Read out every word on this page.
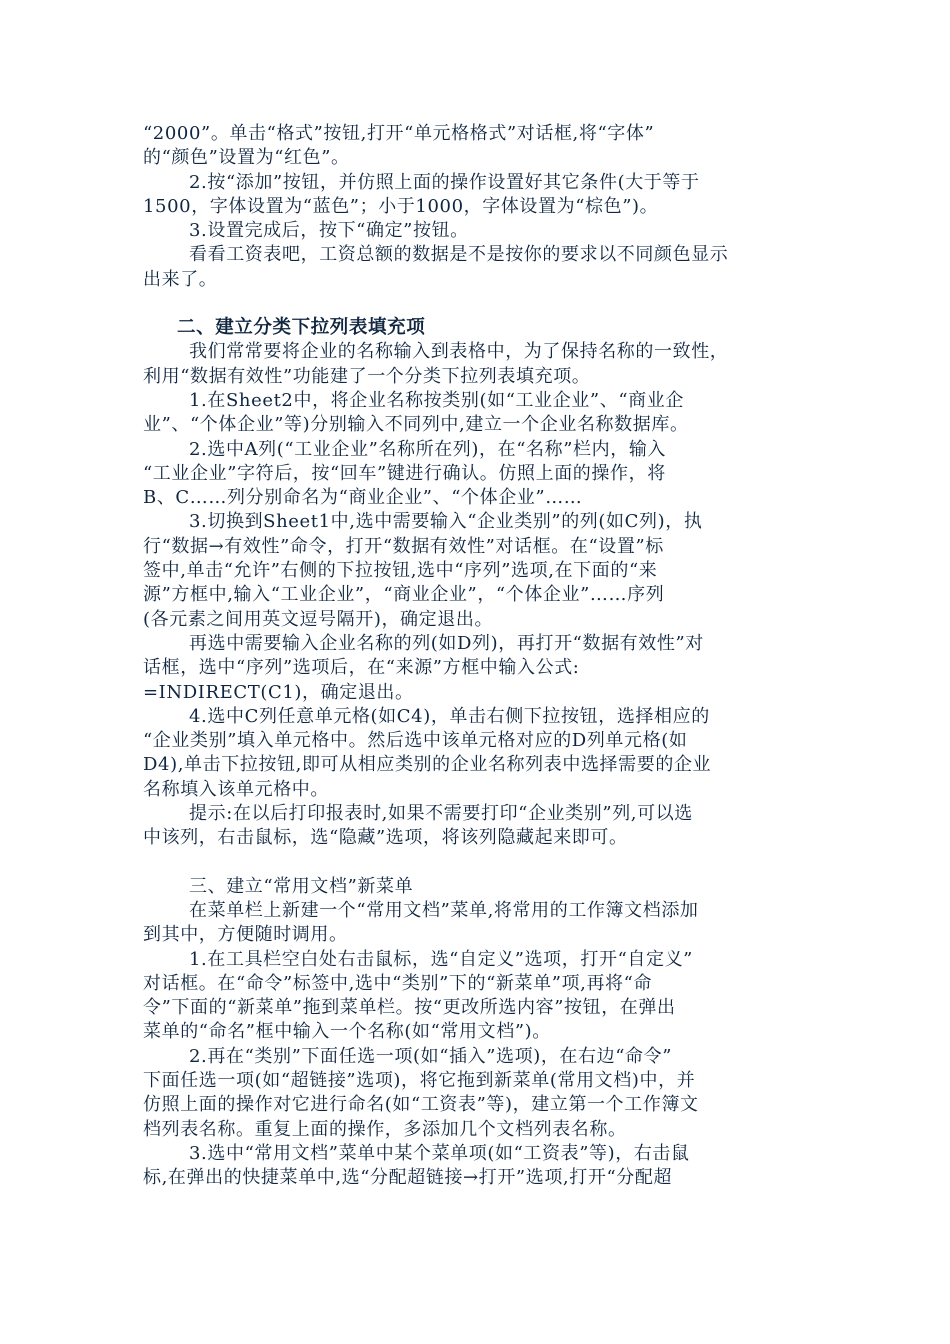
“2000”。单击“格式”按钮,打开“单元格格式”对话框,将“字体”
的“颜色”设置为“红色”。
2.按“添加”按钮，并仿照上面的操作设置好其它条件(大于等于
1500，字体设置为“蓝色”；小于1000，字体设置为“棕色”)。
3.设置完成后，按下“确定”按钮。
看看工资表吧，工资总额的数据是不是按你的要求以不同颜色显示
出来了。
二、建立分类下拉列表填充项
我们常常要将企业的名称输入到表格中，为了保持名称的一致性，
利用“数据有效性”功能建了一个分类下拉列表填充项。
1.在Sheet2中，将企业名称按类别(如“工业企业”、“商业企
业”、“个体企业”等)分别输入不同列中,建立一个企业名称数据库。
2.选中A列(“工业企业”名称所在列)，在“名称”栏内，输入
“工业企业”字符后，按“回车”键进行确认。仿照上面的操作，将
B、C……列分别命名为“商业企业”、“个体企业”……
3.切换到Sheet1中,选中需要输入“企业类别”的列(如C列)，执
行“数据→有效性”命令，打开“数据有效性”对话框。在“设置”标
签中,单击“允许”右侧的下拉按钮,选中“序列”选项,在下面的“来
源”方框中,输入“工业企业”，“商业企业”，“个体企业”……序列
(各元素之间用英文逗号隔开)，确定退出。
再选中需要输入企业名称的列(如D列)，再打开“数据有效性”对
话框，选中“序列”选项后，在“来源”方框中输入公式:
=INDIRECT(C1)，确定退出。
4.选中C列任意单元格(如C4)，单击右侧下拉按钮，选择相应的
“企业类别”填入单元格中。然后选中该单元格对应的D列单元格(如
D4),单击下拉按钮,即可从相应类别的企业名称列表中选择需要的企业
名称填入该单元格中。
提示:在以后打印报表时,如果不需要打印“企业类别”列,可以选
中该列，右击鼠标，选“隐藏”选项，将该列隐藏起来即可。
三、建立“常用文档”新菜单
在菜单栏上新建一个“常用文档”菜单,将常用的工作簿文档添加
到其中，方便随时调用。
1.在工具栏空白处右击鼠标，选“自定义”选项，打开“自定义”
对话框。在“命令”标签中,选中“类别”下的“新菜单”项,再将“命
令”下面的“新菜单”拖到菜单栏。按“更改所选内容”按钮，在弹出
菜单的“命名”框中输入一个名称(如“常用文档”)。
2.再在“类别”下面任选一项(如“插入”选项)，在右边“命令”
下面任选一项(如“超链接”选项)，将它拖到新菜单(常用文档)中，并
仿照上面的操作对它进行命名(如“工资表”等)，建立第一个工作簿文
档列表名称。重复上面的操作，多添加几个文档列表名称。
3.选中“常用文档”菜单中某个菜单项(如“工资表”等)，右击鼠
标,在弹出的快捷菜单中,选“分配超链接→打开”选项,打开“分配超
